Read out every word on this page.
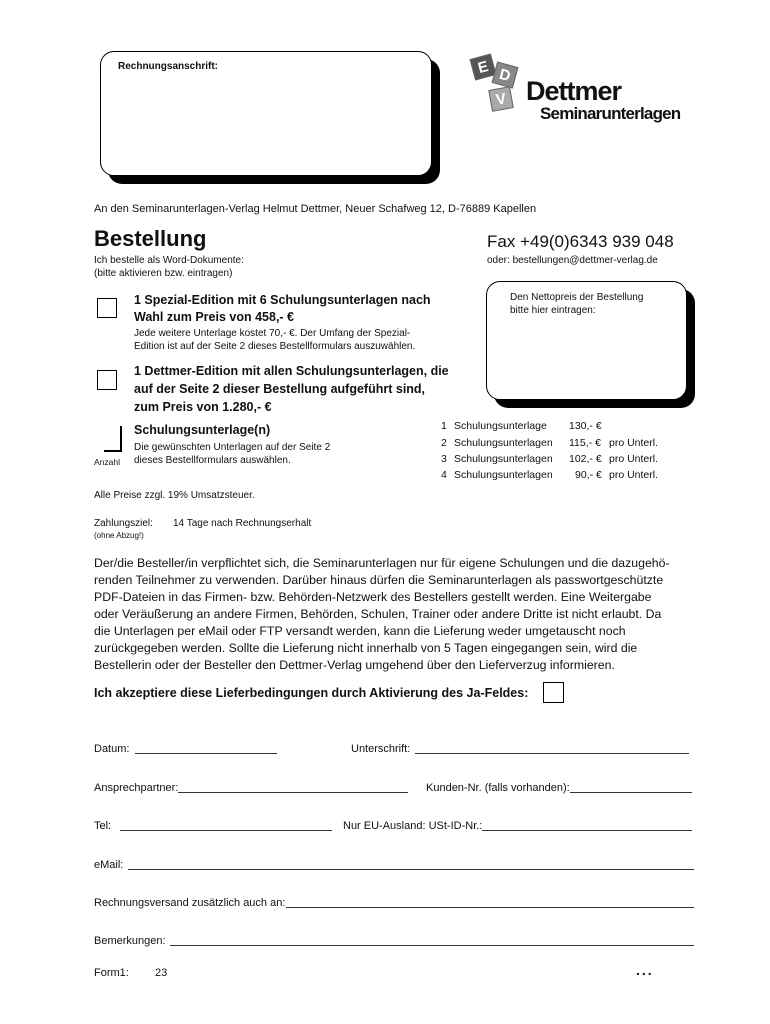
Rechnungsanschrift:	E D
V Dettmer
Seminarunterlagen
An den Seminarunterlagen-Verlag Helmut Dettmer, Neuer Schafweg 12, D-76889 Kapellen
Bestellung	Fax +49(0)6343 939 048
Ich bestelle als Word-Dokumente:
(bitte aktivieren bzw. eintragen)
oder: bestellungen@dettmer-verlag.de
1 Spezial-Edition mit 6 Schulungsunterlagen nach
Wahl zum Preis von 458,- €
Jede weitere Unterlage kostet 70,- €. Der Umfang der Spezial-
Edition ist auf der Seite 2 dieses Bestellformulars auszuwählen.
1 Dettmer-Edition mit allen Schulungsunterlagen, die
auf der Seite 2 dieser Bestellung aufgeführt sind,
zum Preis von 1.280,- €
Anzahl
Schulungsunterlage(n)
Die gewünschten Unterlagen auf der Seite 2
dieses Bestellformulars auswählen.
Den Nettopreis der Bestellung
bitte hier eintragen:
1 Schulungsunterlage 130,- €
2 Schulungsunterlagen 115,- € pro Unterl.
3 Schulungsunterlagen 102,- € pro Unterl.
4 Schulungsunterlagen 90,- € pro Unterl.
Alle Preise zzgl. 19% Umsatzsteuer.
Zahlungsziel: 14 Tage nach Rechnungserhalt
(ohne Abzug!)
Der/die Besteller/in verpflichtet sich, die Seminarunterlagen nur für eigene Schulungen und die dazugehö-
renden Teilnehmer zu verwenden. Darüber hinaus dürfen die Seminarunterlagen als passwortgeschützte
PDF-Dateien in das Firmen- bzw. Behörden-Netzwerk des Bestellers gestellt werden. Eine Weitergabe
oder Veräußerung an andere Firmen, Behörden, Schulen, Trainer oder andere Dritte ist nicht erlaubt. Da
die Unterlagen per eMail oder FTP versandt werden, kann die Lieferung weder umgetauscht noch
zurückgegeben werden. Sollte die Lieferung nicht innerhalb von 5 Tagen eingegangen sein, wird die
Bestellerin oder der Besteller den Dettmer-Verlag umgehend über den Lieferverzug informieren.
Ich akzeptiere diese Lieferbedingungen durch Aktivierung des Ja-Feldes:
Datum:	Unterschrift:
Ansprechpartner:	Kunden-Nr. (falls vorhanden):
Tel:	Nur EU-Ausland: USt-ID-Nr.:
eMail:
Rechnungsversand zusätzlich auch an:
Bemerkungen:
Form1: 23	...
